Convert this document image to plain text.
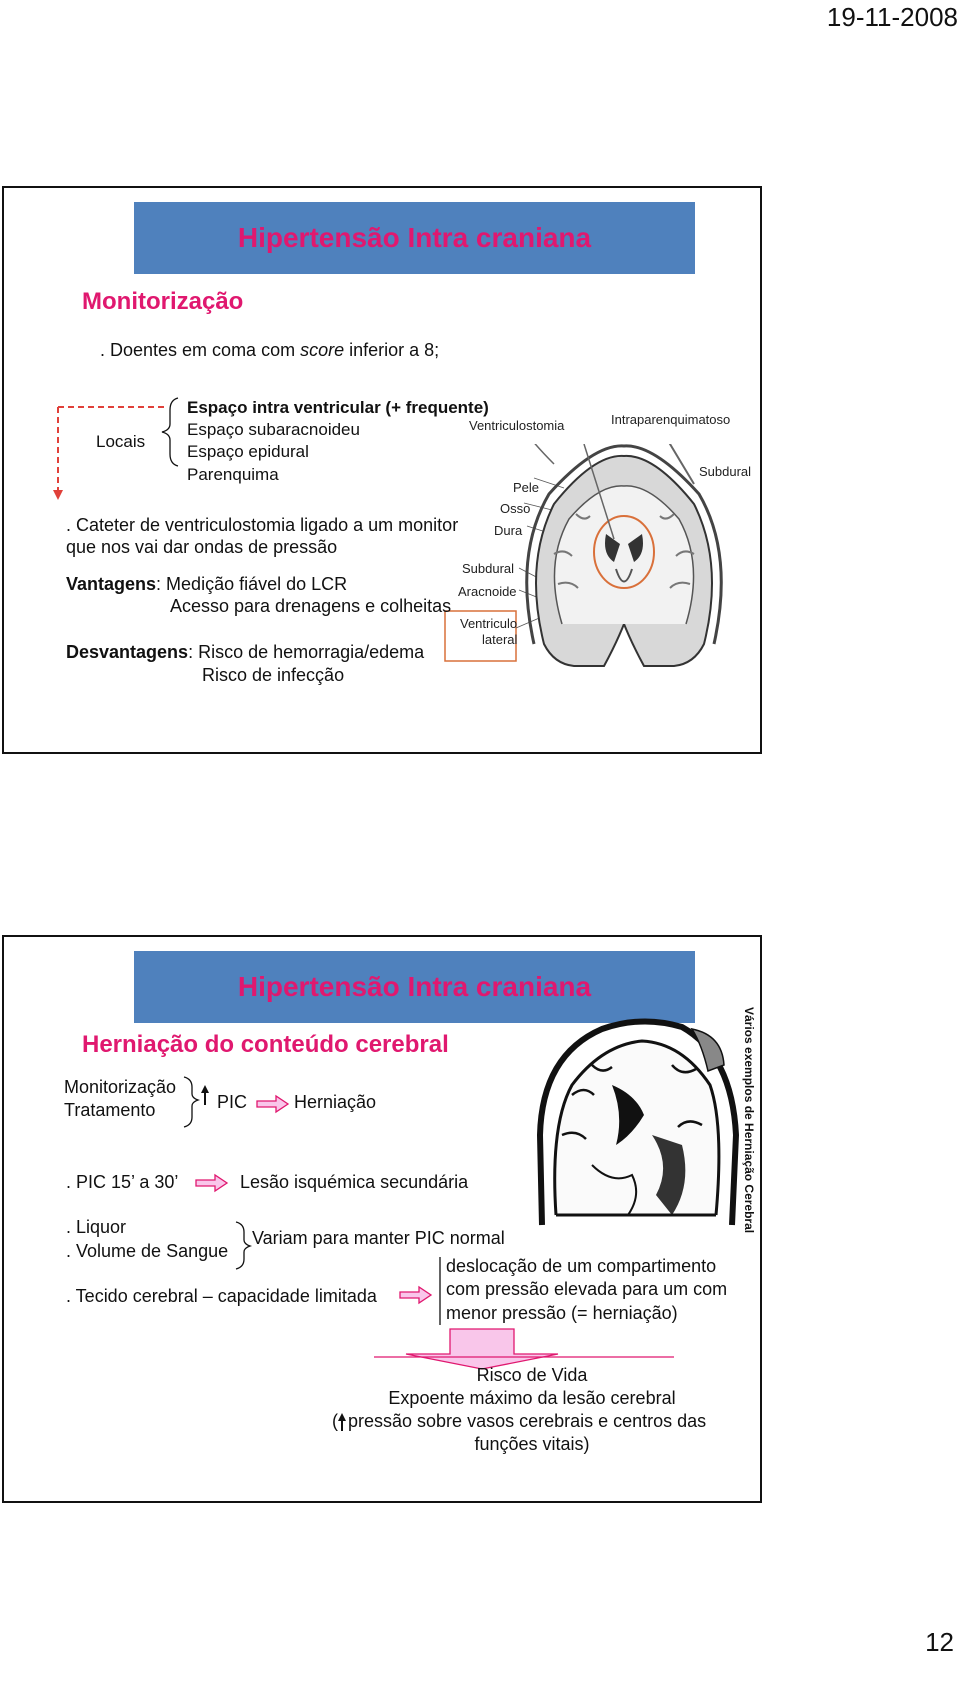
19-11-2008
Hipertensão Intra craniana
Monitorização
. Doentes em coma com score inferior a 8;
Locais
Espaço intra ventricular (+ frequente)
Espaço subaracnoideu
Espaço epidural
Parenquima
. Cateter de ventriculostomia ligado a um monitor
que nos vai dar ondas de pressão
Vantagens: Medição fiável do LCR
Acesso para drenagens e colheitas
Desvantagens: Risco de hemorragia/edema
Risco de infecção
Ventriculostomia	Intraparenquimatoso
Subdural
Pele
Osso
Dura
Subdural
Aracnoide
Ventriculo
lateral
Hipertensão Intra craniana
Herniação do conteúdo cerebral
Monitorização
Tratamento	PIC	Herniação
. PIC 15’ a 30’	Lesão isquémica secundária
. Liquor
. Volume de Sangue
Variam para manter PIC normal
. Tecido cerebral – capacidade limitada
deslocação de um compartimento
com pressão elevada para um com
menor pressão (= herniação)
Risco de Vida
Expoente máximo da lesão cerebral
( pressão sobre vasos cerebrais e centros das
funções vitais)
Vários exemplos de Herniação Cerebral
12
